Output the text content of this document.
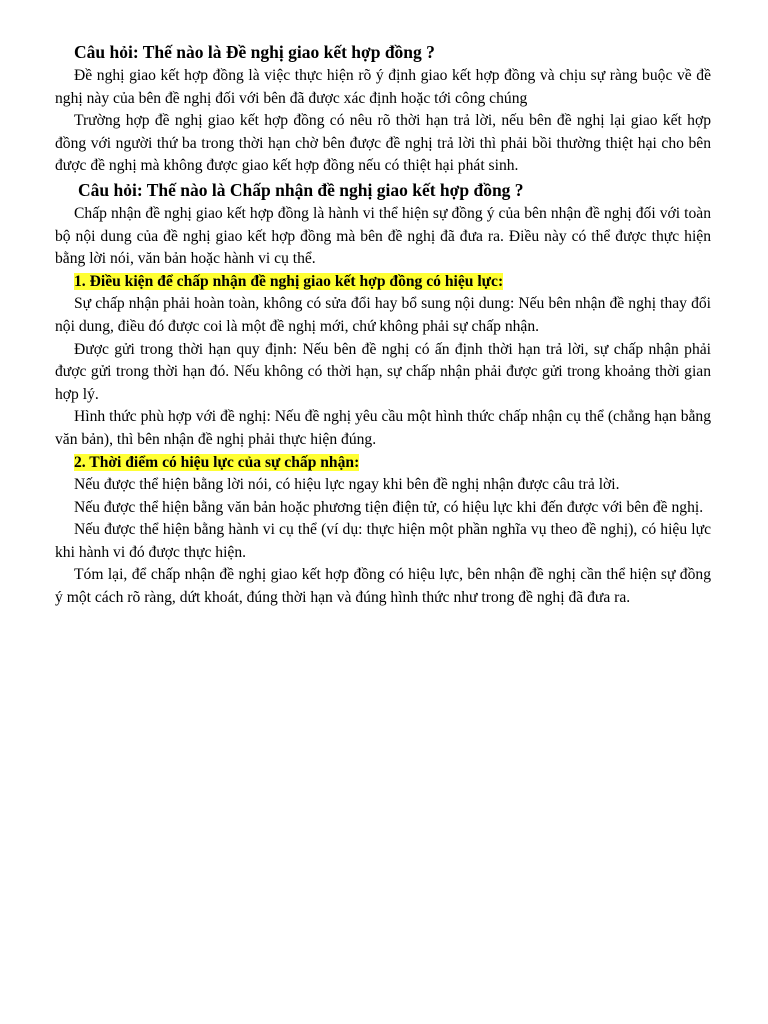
Câu hỏi: Thế nào là Đề nghị giao kết hợp đồng ?

Đề nghị giao kết hợp đồng là việc thực hiện rõ ý định giao kết hợp đồng và chịu sự ràng buộc về đề nghị này của bên đề nghị đối với bên đã được xác định hoặc tới công chúng

Trường hợp đề nghị giao kết hợp đồng có nêu rõ thời hạn trả lời, nếu bên đề nghị lại giao kết hợp đồng với người thứ ba trong thời hạn chờ bên được đề nghị trả lời thì phải bồi thường thiệt hại cho bên được đề nghị mà không được giao kết hợp đồng nếu có thiệt hại phát sinh.

Câu hỏi: Thế nào là Chấp nhận đề nghị giao kết hợp đồng ?

Chấp nhận đề nghị giao kết hợp đồng là hành vi thể hiện sự đồng ý của bên nhận đề nghị đối với toàn bộ nội dung của đề nghị giao kết hợp đồng mà bên đề nghị đã đưa ra. Điều này có thể được thực hiện bằng lời nói, văn bản hoặc hành vi cụ thể.

1. Điều kiện để chấp nhận đề nghị giao kết hợp đồng có hiệu lực:

Sự chấp nhận phải hoàn toàn, không có sửa đổi hay bổ sung nội dung: Nếu bên nhận đề nghị thay đổi nội dung, điều đó được coi là một đề nghị mới, chứ không phải sự chấp nhận.

Được gửi trong thời hạn quy định: Nếu bên đề nghị có ấn định thời hạn trả lời, sự chấp nhận phải được gửi trong thời hạn đó. Nếu không có thời hạn, sự chấp nhận phải được gửi trong khoảng thời gian hợp lý.

Hình thức phù hợp với đề nghị: Nếu đề nghị yêu cầu một hình thức chấp nhận cụ thể (chẳng hạn bằng văn bản), thì bên nhận đề nghị phải thực hiện đúng.

2. Thời điểm có hiệu lực của sự chấp nhận:

Nếu được thể hiện bằng lời nói, có hiệu lực ngay khi bên đề nghị nhận được câu trả lời.

Nếu được thể hiện bằng văn bản hoặc phương tiện điện tử, có hiệu lực khi đến được với bên đề nghị.

Nếu được thể hiện bằng hành vi cụ thể (ví dụ: thực hiện một phần nghĩa vụ theo đề nghị), có hiệu lực khi hành vi đó được thực hiện.

Tóm lại, để chấp nhận đề nghị giao kết hợp đồng có hiệu lực, bên nhận đề nghị cần thể hiện sự đồng ý một cách rõ ràng, dứt khoát, đúng thời hạn và đúng hình thức như trong đề nghị đã đưa ra.
